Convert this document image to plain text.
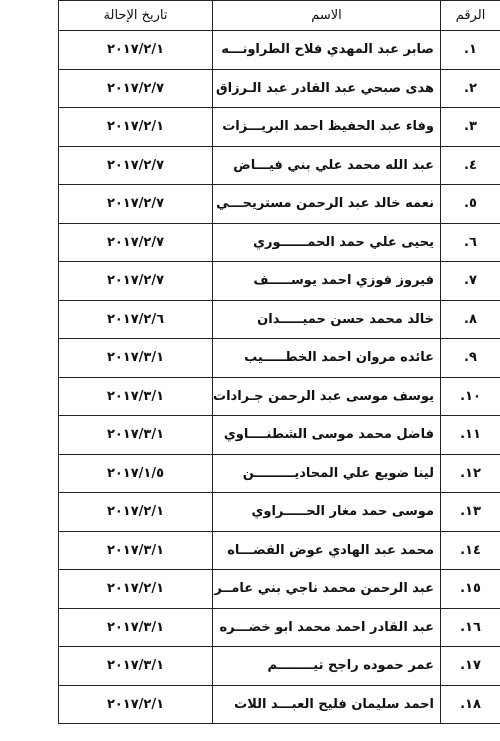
الرقم	الاسم	تاريخ الإحالة
١.	صابر عبد المهدي فلاح الطراونـــه	٢٠١٧/٢/١
٢.	هدى صبحي عبد القادر عبد الـرزاق	٢٠١٧/٢/٧
٣.	وفاء عبد الحفيظ احمد البريـــزات	٢٠١٧/٢/١
٤.	عبد الله محمد علي بني فيـــاض	٢٠١٧/٢/٧
٥.	نعمه خالد عبد الرحمن مستريحـــي	٢٠١٧/٢/٧
٦.	يحيى علي حمد الحمــــــوري	٢٠١٧/٢/٧
٧.	فيروز فوزي احمد يوســـــف	٢٠١٧/٢/٧
٨.	خالد محمد حسن حميـــــدان	٢٠١٧/٢/٦
٩.	عائده مروان احمد الخطـــــيب	٢٠١٧/٣/١
١٠.	يوسف موسى عبد الرحمن جـرادات	٢٠١٧/٣/١
١١.	فاضل محمد موسى الشطنــــاوي	٢٠١٧/٣/١
١٢.	لينا ضويع علي المحاديـــــــــن	٢٠١٧/١/٥
١٣.	موسى حمد مغار الحـــــراوي	٢٠١٧/٢/١
١٤.	محمد عبد الهادي عوض القضـــاه	٢٠١٧/٣/١
١٥.	عبد الرحمن محمد ناجي بني عامــر	٢٠١٧/٢/١
١٦.	عبد القادر احمد محمد ابو خضـــره	٢٠١٧/٣/١
١٧.	عمر حموده راجح تيــــــــم	٢٠١٧/٣/١
١٨.	احمد سليمان فليح العبـــد اللات	٢٠١٧/٢/١
